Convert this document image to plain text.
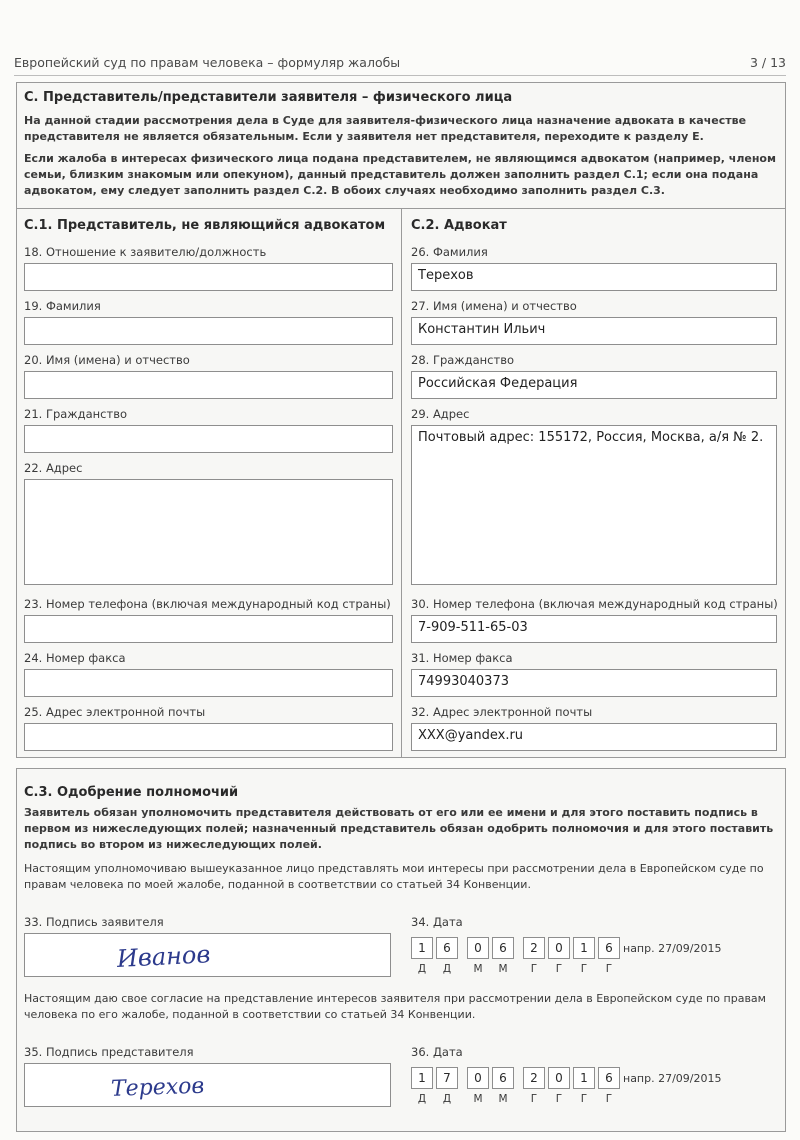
Европейский суд по правам человека – формуляр жалобы	3 / 13
С. Представитель/представители заявителя – физического лица
На данной стадии рассмотрения дела в Суде для заявителя-физического лица назначение адвоката в качестве представителя не является обязательным. Если у заявителя нет представителя, переходите к разделу Е.
Если жалоба в интересах физического лица подана представителем, не являющимся адвокатом (например, членом семьи, близким знакомым или опекуном), данный представитель должен заполнить раздел С.1; если она подана адвокатом, ему следует заполнить раздел С.2. В обоих случаях необходимо заполнить раздел С.3.
С.1. Представитель, не являющийся адвокатом С.2. Адвокат
18. Отношение к заявителю/должность
19. Фамилия
20. Имя (имена) и отчество
21. Гражданство
22. Адрес
23. Номер телефона (включая международный код страны)
24. Номер факса
25. Адрес электронной почты
26. Фамилия
Терехов
27. Имя (имена) и отчество
Константин Ильич
28. Гражданство
Российская Федерация
29. Адрес
Почтовый адрес: 155172, Россия, Москва, а/я № 2.
30. Номер телефона (включая международный код страны)
7-909-511-65-03
31. Номер факса
74993040373
32. Адрес электронной почты
XXX@yandex.ru
С.3. Одобрение полномочий
Заявитель обязан уполномочить представителя действовать от его или ее имени и для этого поставить подпись в первом из нижеследующих полей; назначенный представитель обязан одобрить полномочия и для этого поставить подпись во втором из нижеследующих полей.
Настоящим уполномочиваю вышеуказанное лицо представлять мои интересы при рассмотрении дела в Европейском суде по правам человека по моей жалобе, поданной в соответствии со статьей 34 Конвенции.
33. Подпись заявителя
Иванов
34. Дата
1	6	0	6	2	0	1	6
Д	Д	М	М	Г	Г	Г	Г
напр. 27/09/2015
Настоящим даю свое согласие на представление интересов заявителя при рассмотрении дела в Европейском суде по правам человека по его жалобе, поданной в соответствии со статьей 34 Конвенции.
35. Подпись представителя
Терехов
36. Дата
1	7	0	6	2	0	1	6
Д	Д	М	М	Г	Г	Г	Г
напр. 27/09/2015
